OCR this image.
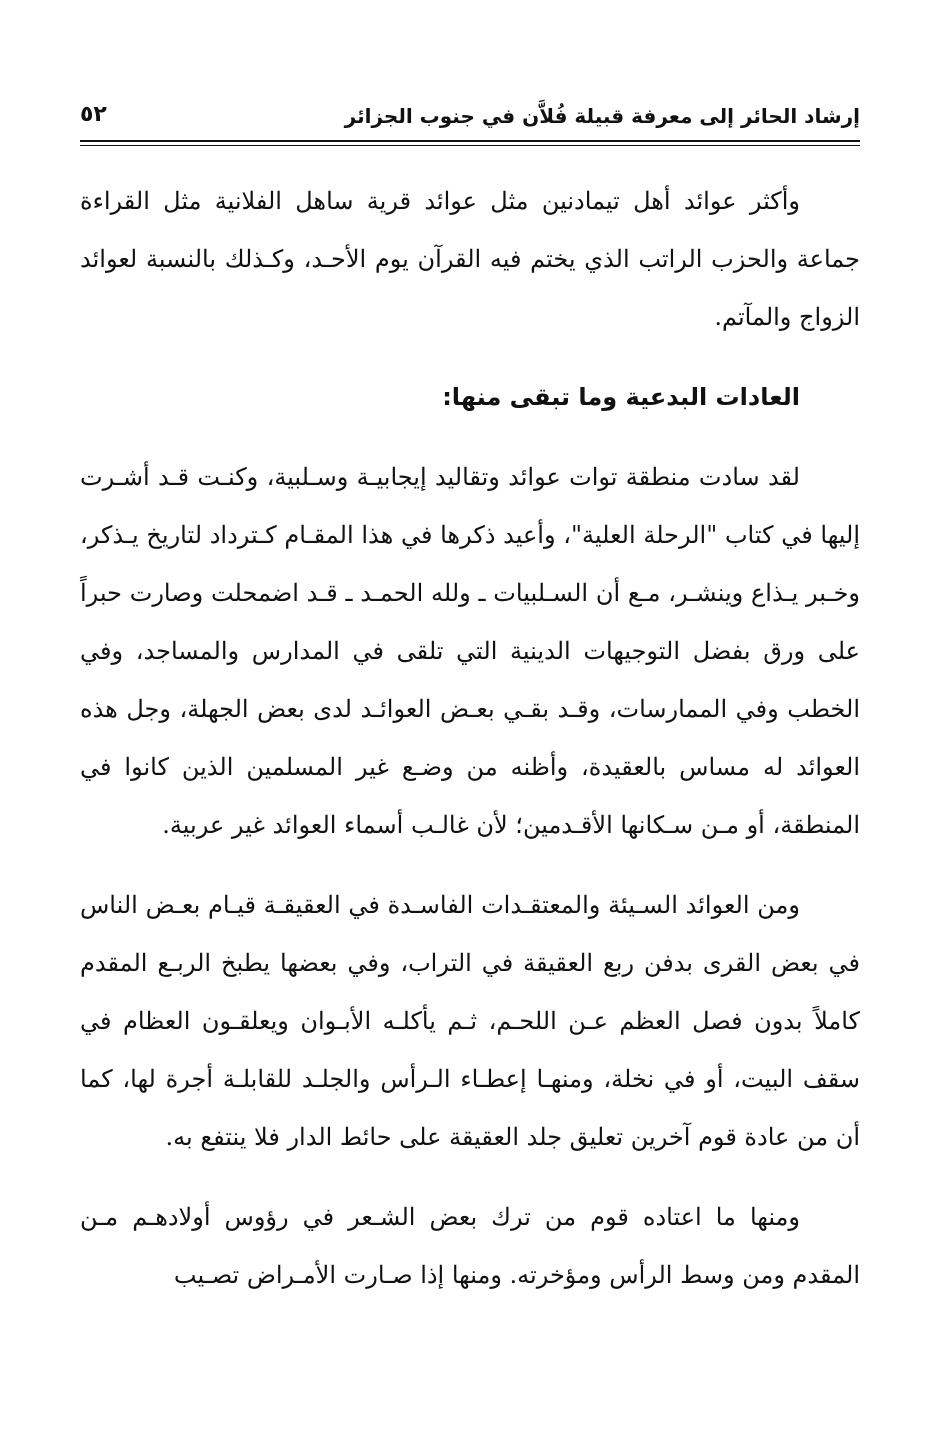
إرشاد الحائر إلى معرفة قبيلة فُلاَّن في جنوب الجزائر
٥٢

وأكثر عوائد أهل تيمادنين مثل عوائد قرية ساهل الفلانية مثل القراءة جماعة والحزب الراتب الذي يختم فيه القرآن يوم الأحـد، وكـذلك بالنسبة لعوائد الزواج والمآتم.

العادات البدعية وما تبقى منها:

لقد سادت منطقة توات عوائد وتقاليد إيجابيـة وسـلبية، وكنـت قـد أشـرت إليها في كتاب "الرحلة العلية"، وأعيد ذكرها في هذا المقـام كـترداد لتاريخ يـذكر، وخـبر يـذاع وينشـر، مـع أن السـلبيات ـ ولله الحمـد ـ قـد اضمحلت وصارت حبراً على ورق بفضل التوجيهات الدينية التي تلقى في المدارس والمساجد، وفي الخطب وفي الممارسات، وقـد بقـي بعـض العوائـد لدى بعض الجهلة، وجل هذه العوائد له مساس بالعقيدة، وأظنه من وضـع غير المسلمين الذين كانوا في المنطقة، أو مـن سـكانها الأقـدمين؛ لأن غالـب أسماء العوائد غير عربية.

ومن العوائد السـيئة والمعتقـدات الفاسـدة في العقيقـة قيـام بعـض الناس في بعض القرى بدفن ربع العقيقة في التراب، وفي بعضها يطبخ الربـع المقدم كاملاً بدون فصل العظم عـن اللحـم، ثـم يأكلـه الأبـوان ويعلقـون العظام في سقف البيت، أو في نخلة، ومنهـا إعطـاء الـرأس والجلـد للقابلـة أجرة لها، كما أن من عادة قوم آخرين تعليق جلد العقيقة على حائط الدار فلا ينتفع به.

ومنها ما اعتاده قوم من ترك بعض الشـعر في رؤوس أولادهـم مـن المقدم ومن وسط الرأس ومؤخرته. ومنها إذا صـارت الأمـراض تصـيب
